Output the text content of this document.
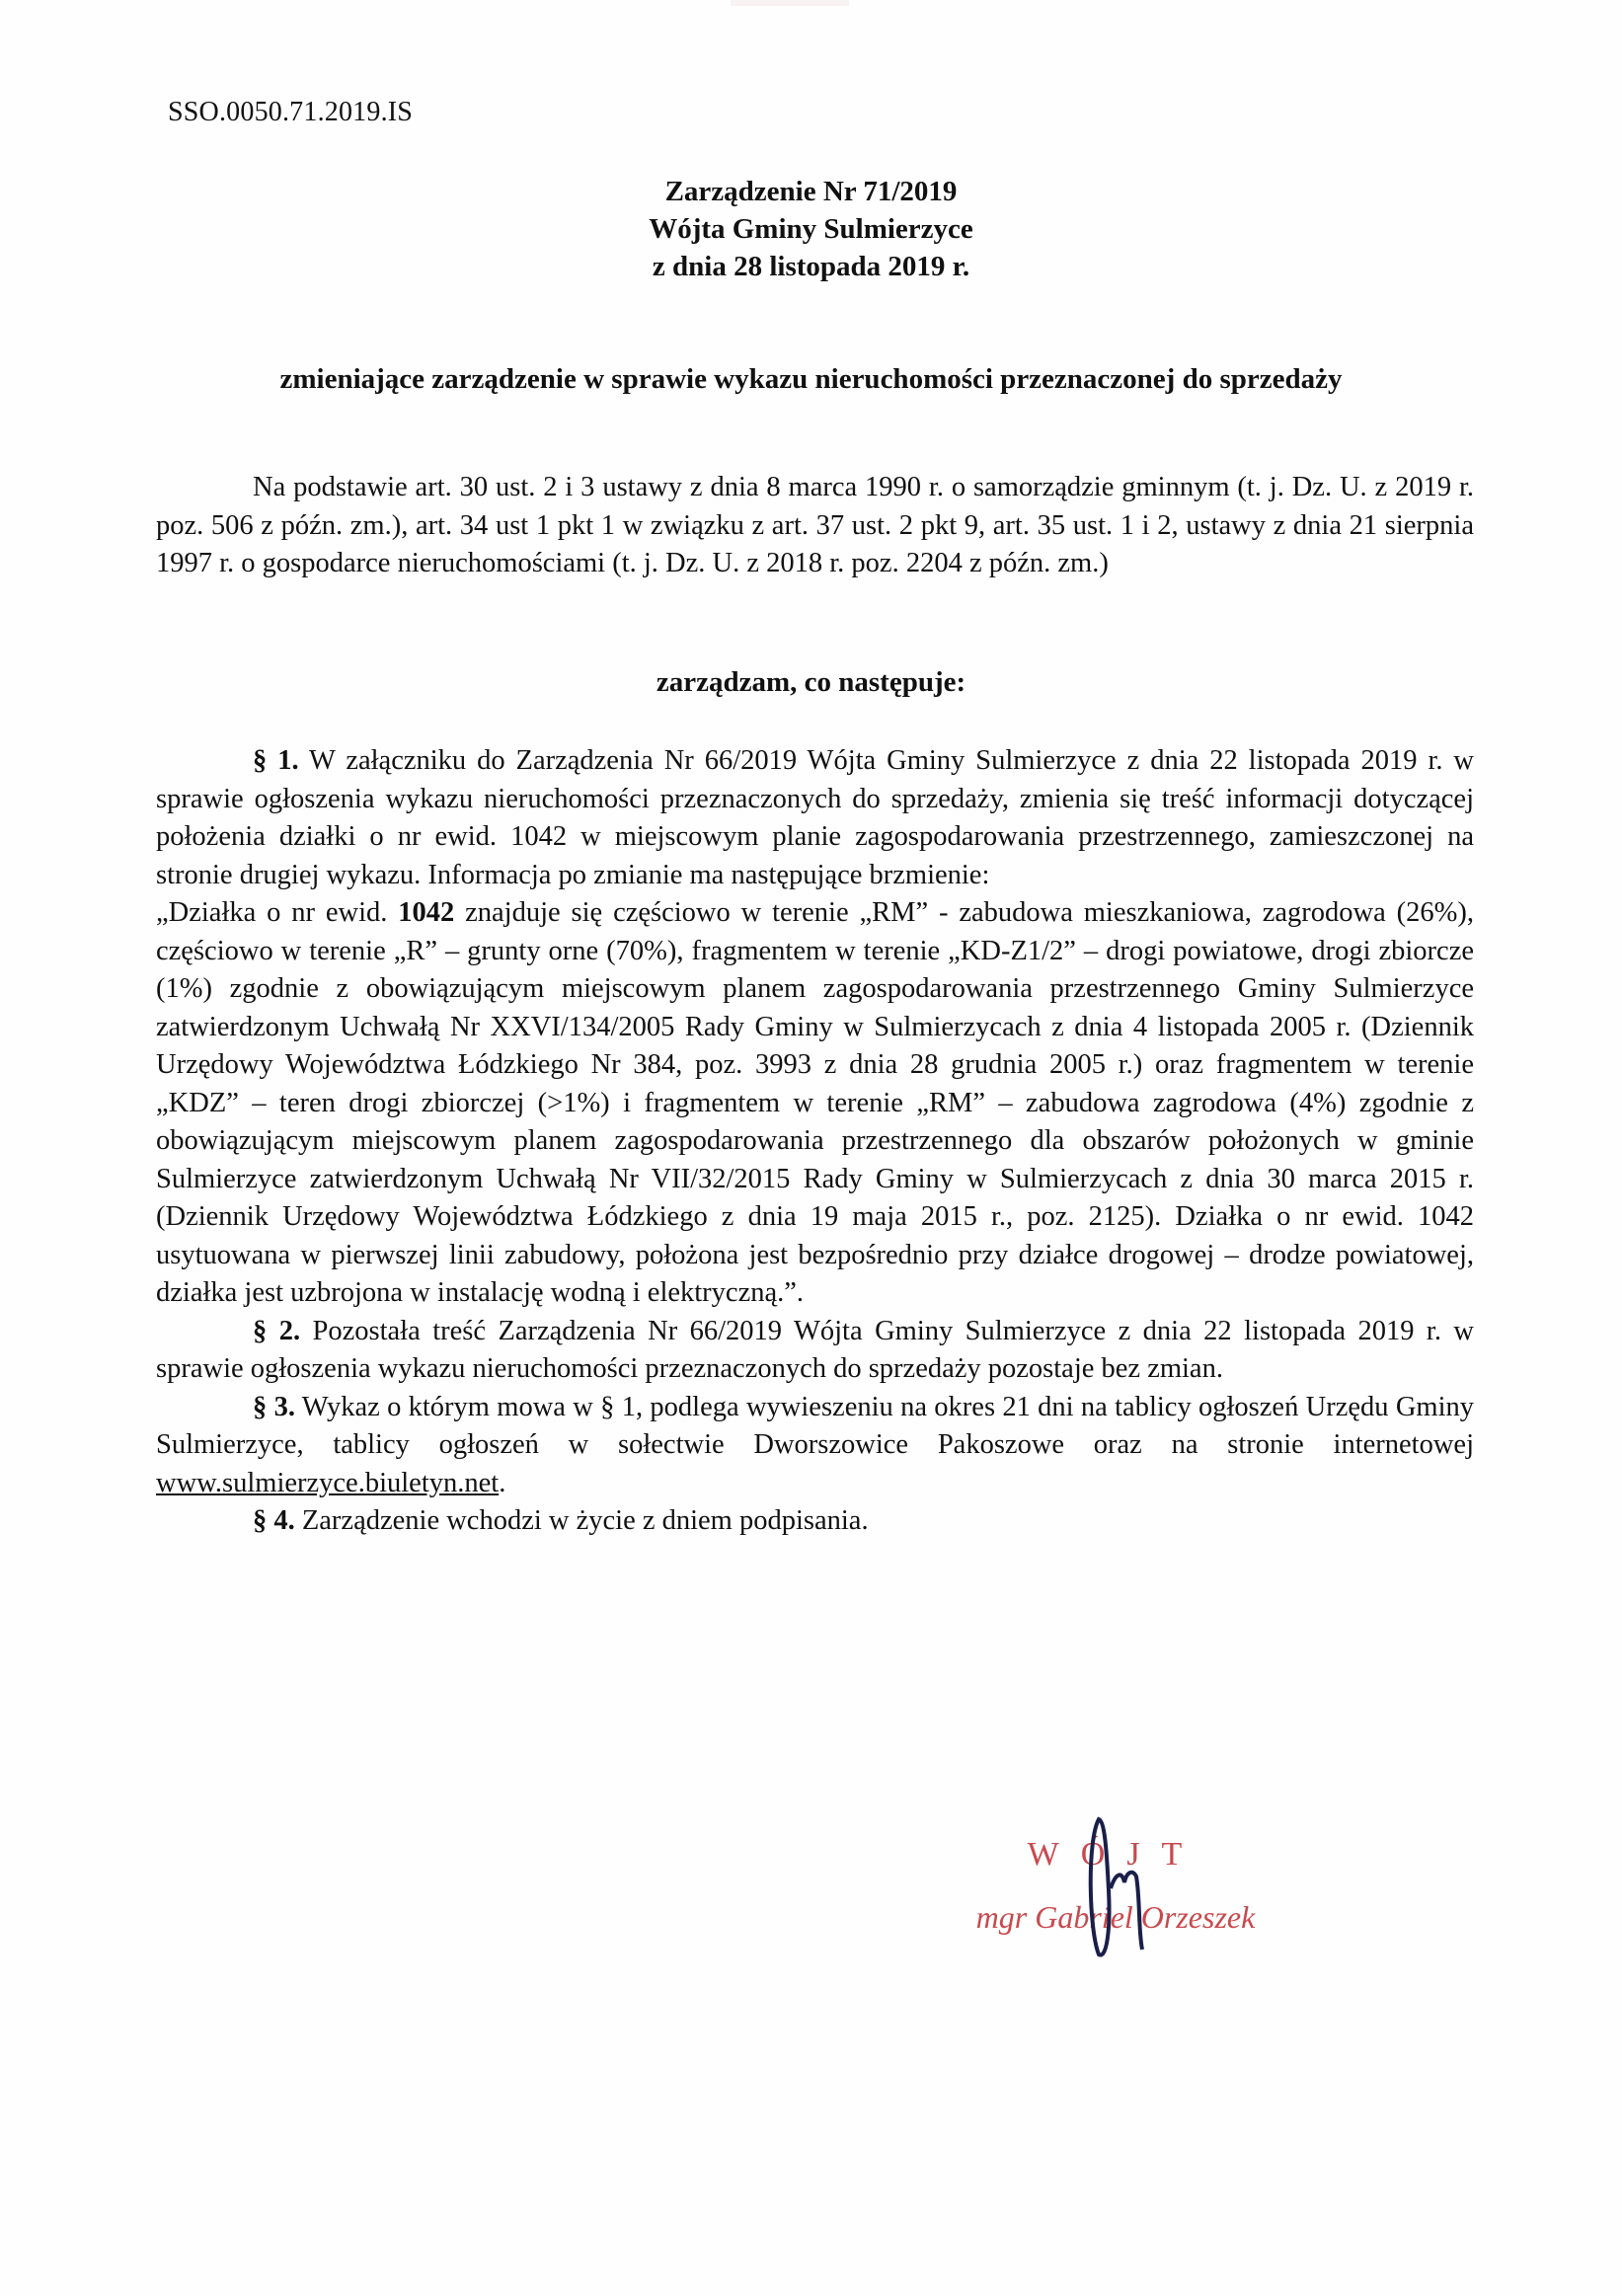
SSO.0050.71.2019.IS
Zarządzenie Nr 71/2019
Wójta Gminy Sulmierzyce
z dnia 28 listopada 2019 r.
zmieniające zarządzenie w sprawie wykazu nieruchomości przeznaczonej do sprzedaży

Na podstawie art. 30 ust. 2 i 3 ustawy z dnia 8 marca 1990 r. o samorządzie gminnym (t. j. Dz. U. z 2019 r. poz. 506 z późn. zm.), art. 34 ust 1 pkt 1 w związku z art. 37 ust. 2 pkt 9, art. 35 ust. 1 i 2, ustawy z dnia 21 sierpnia 1997 r. o gospodarce nieruchomościami (t. j. Dz. U. z 2018 r. poz. 2204 z późn. zm.)

zarządzam, co następuje:

§ 1. W załączniku do Zarządzenia Nr 66/2019 Wójta Gminy Sulmierzyce z dnia 22 listopada 2019 r. w sprawie ogłoszenia wykazu nieruchomości przeznaczonych do sprzedaży, zmienia się treść informacji dotyczącej położenia działki o nr ewid. 1042 w miejscowym planie zagospodarowania przestrzennego, zamieszczonej na stronie drugiej wykazu. Informacja po zmianie ma następujące brzmienie:

„Działka o nr ewid. 1042 znajduje się częściowo w terenie „RM” - zabudowa mieszkaniowa, zagrodowa (26%), częściowo w terenie „R” – grunty orne (70%), fragmentem w terenie „KD-Z1/2” – drogi powiatowe, drogi zbiorcze (1%) zgodnie z obowiązującym miejscowym planem zagospodarowania przestrzennego Gminy Sulmierzyce zatwierdzonym Uchwałą Nr XXVI/134/2005 Rady Gminy w Sulmierzycach z dnia 4 listopada 2005 r. (Dziennik Urzędowy Województwa Łódzkiego Nr 384, poz. 3993 z dnia 28 grudnia 2005 r.) oraz fragmentem w terenie „KDZ” – teren drogi zbiorczej (>1%) i fragmentem w terenie „RM” – zabudowa zagrodowa (4%) zgodnie z obowiązującym miejscowym planem zagospodarowania przestrzennego dla obszarów położonych w gminie Sulmierzyce zatwierdzonym Uchwałą Nr VII/32/2015 Rady Gminy w Sulmierzycach z dnia 30 marca 2015 r. (Dziennik Urzędowy Województwa Łódzkiego z dnia 19 maja 2015 r., poz. 2125). Działka o nr ewid. 1042 usytuowana w pierwszej linii zabudowy, położona jest bezpośrednio przy działce drogowej – drodze powiatowej, działka jest uzbrojona w instalację wodną i elektryczną.”.

§ 2. Pozostała treść Zarządzenia Nr 66/2019 Wójta Gminy Sulmierzyce z dnia 22 listopada 2019 r. w sprawie ogłoszenia wykazu nieruchomości przeznaczonych do sprzedaży pozostaje bez zmian.

§ 3. Wykaz o którym mowa w § 1, podlega wywieszeniu na okres 21 dni na tablicy ogłoszeń Urzędu Gminy Sulmierzyce, tablicy ogłoszeń w sołectwie Dworszowice Pakoszowe oraz na stronie internetowej www.sulmierzyce.biuletyn.net.

§ 4. Zarządzenie wchodzi w życie z dniem podpisania.

WÓJT
mgr Gabriel Orzeszek
